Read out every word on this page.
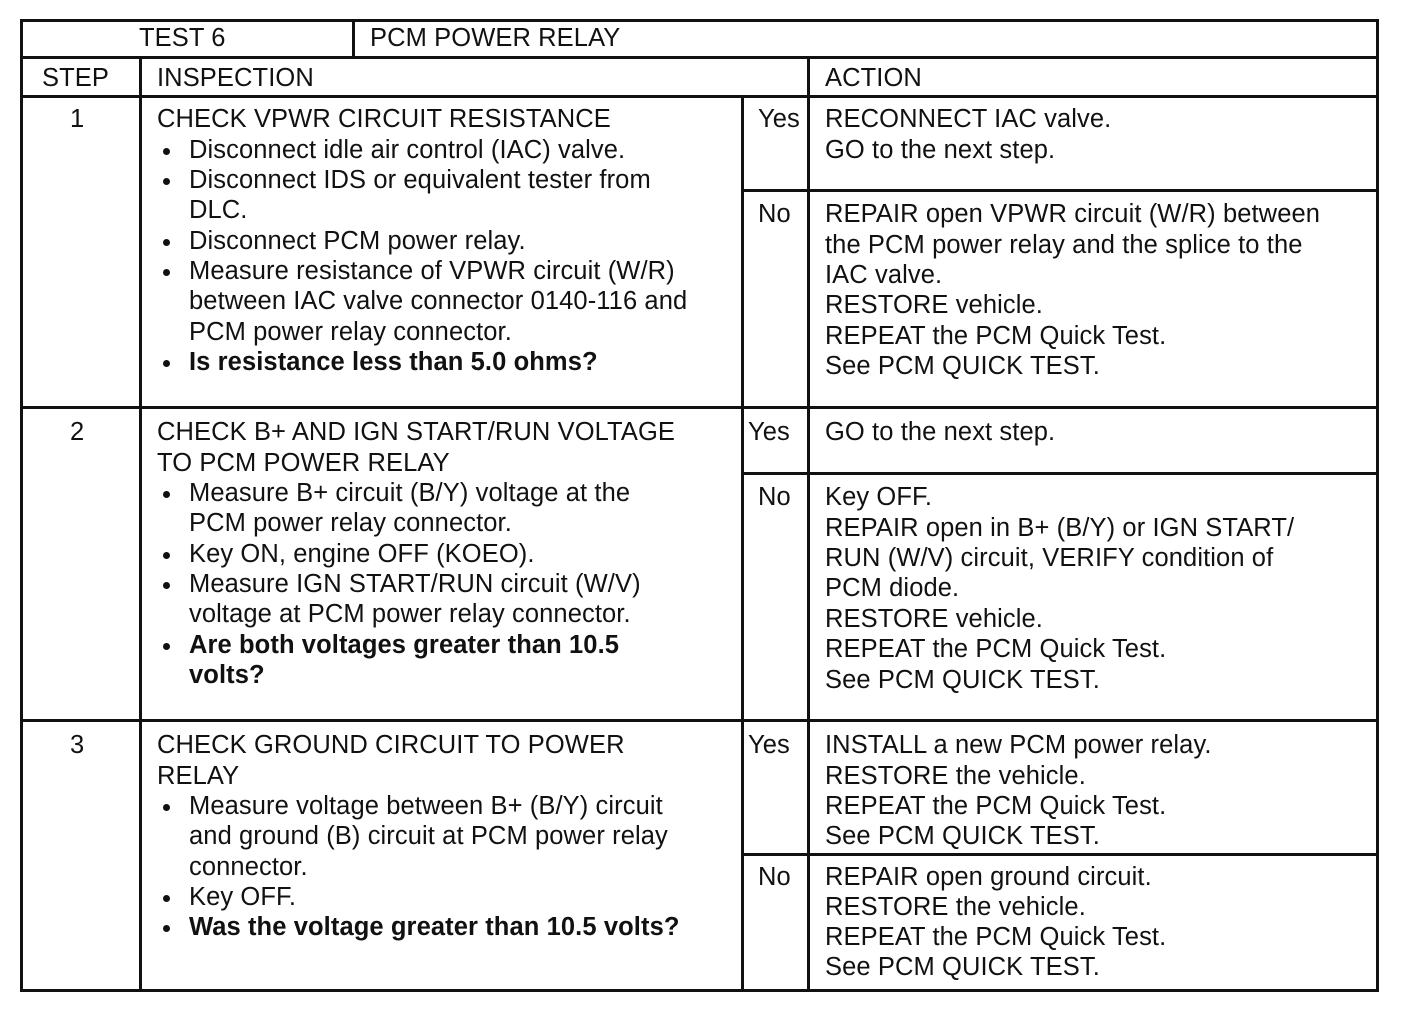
TEST 6	PCM POWER RELAY
STEP INSPECTION	ACTION
1	CHECK VPWR CIRCUIT RESISTANCE
Disconnect idle air control (IAC) valve.
Disconnect IDS or equivalent tester from
DLC.
Disconnect PCM power relay.
Measure resistance of VPWR circuit (W/R)
between IAC valve connector 0140-116 and
PCM power relay connector.
Is resistance less than 5.0 ohms?
Yes RECONNECT IAC valve.
GO to the next step.
No REPAIR open VPWR circuit (W/R) between
the PCM power relay and the splice to the
IAC valve.
RESTORE vehicle.
REPEAT the PCM Quick Test.
See PCM QUICK TEST.
2	CHECK B+ AND IGN START/RUN VOLTAGE
TO PCM POWER RELAY
Measure B+ circuit (B/Y) voltage at the
PCM power relay connector.
Key ON, engine OFF (KOEO).
Measure IGN START/RUN circuit (W/V)
voltage at PCM power relay connector.
Are both voltages greater than 10.5
volts?
Yes GO to the next step.
No Key OFF.
REPAIR open in B+ (B/Y) or IGN START/
RUN (W/V) circuit, VERIFY condition of
PCM diode.
RESTORE vehicle.
REPEAT the PCM Quick Test.
See PCM QUICK TEST.
3	CHECK GROUND CIRCUIT TO POWER
RELAY
Measure voltage between B+ (B/Y) circuit
and ground (B) circuit at PCM power relay
connector.
Key OFF.
Was the voltage greater than 10.5 volts?
Yes INSTALL a new PCM power relay.
RESTORE the vehicle.
REPEAT the PCM Quick Test.
See PCM QUICK TEST.
No REPAIR open ground circuit.
RESTORE the vehicle.
REPEAT the PCM Quick Test.
See PCM QUICK TEST.
